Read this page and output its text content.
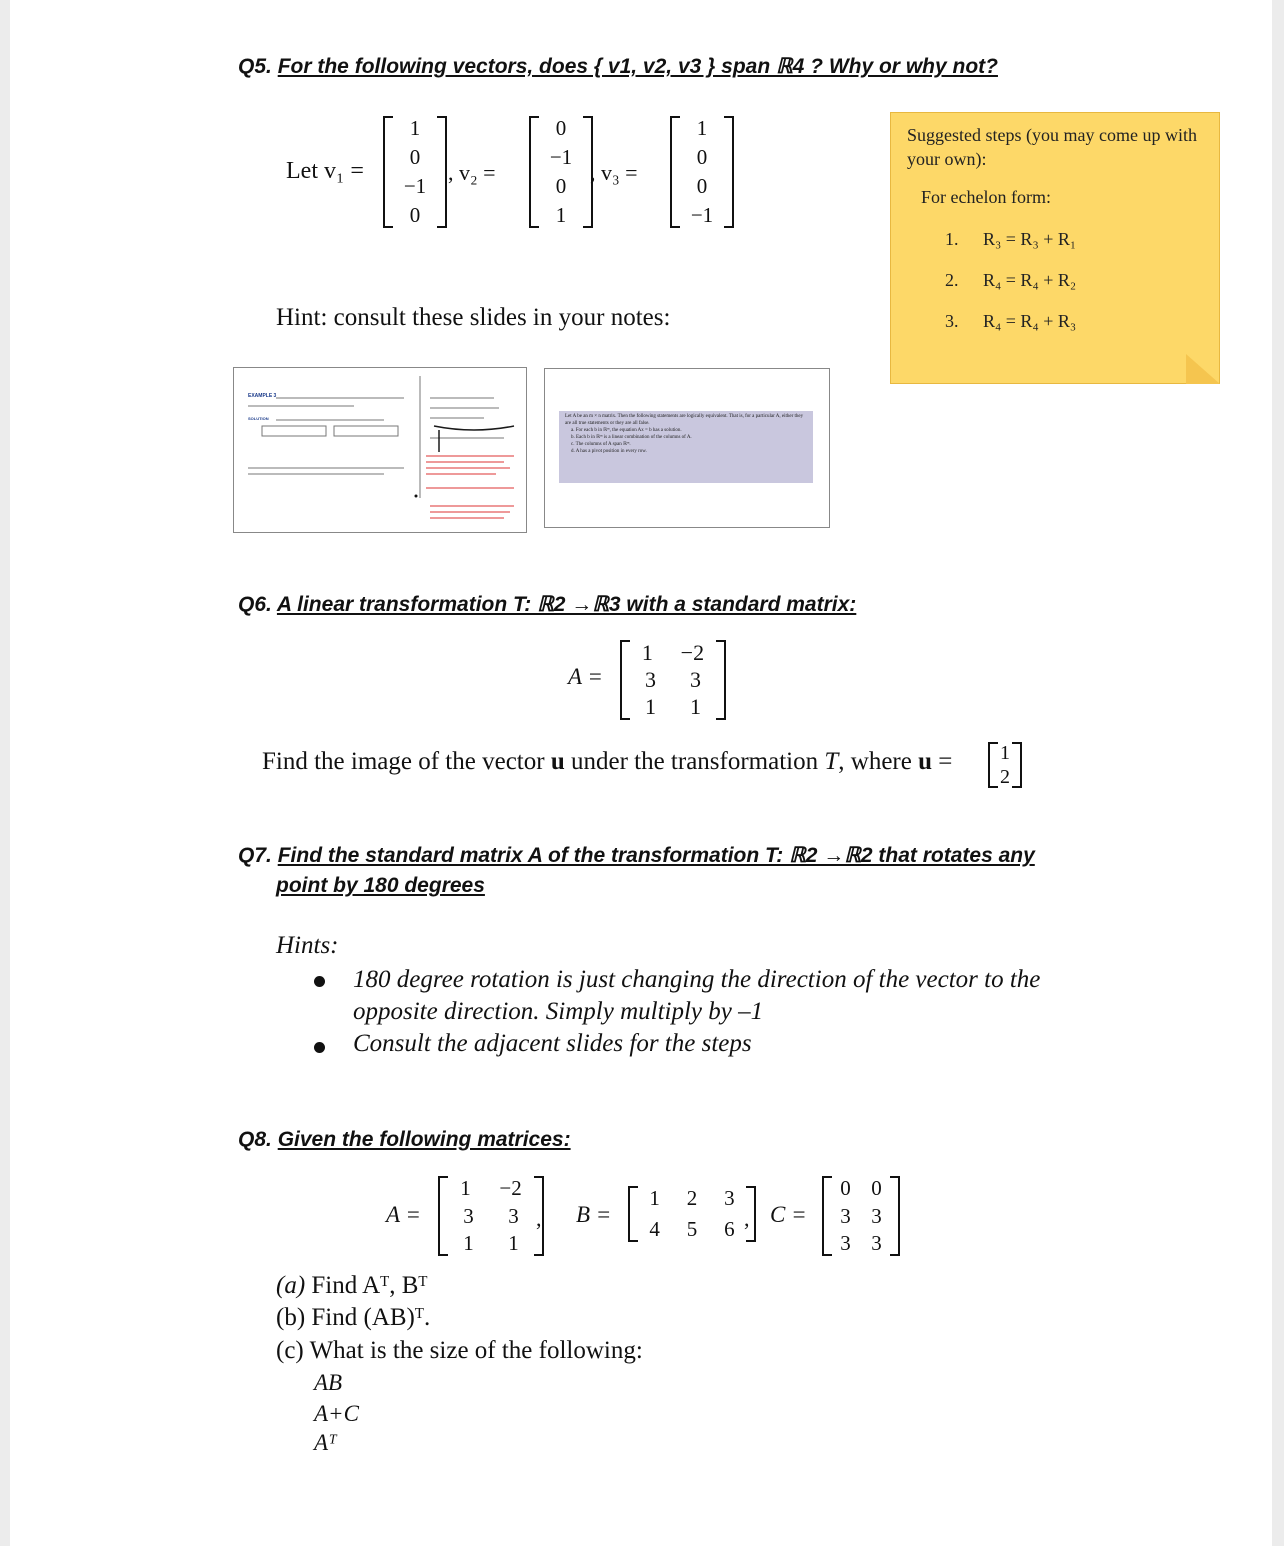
Q5. For the following vectors, does { v1, v2, v3 } span ℝ4 ? Why or why not?
Let v₁ =
1
0
−1
0
, v₂ =
0
−1
0
1
, v₃ =
1
0
0
−1
Hint: consult these slides in your notes:
Suggested steps (you may come up with your own):
For echelon form:
1. R₃ = R₃ + R₁
2. R₄ = R₄ + R₂
3. R₄ = R₄ + R₃
EXAMPLE 3
SOLUTION	Let A be an m × n matrix. Then the following statements are logically equivalent. That is, for a particular A, either they are all true statements or they are all false.
a. For each b in ℝᵐ, the equation Ax = b has a solution.
b. Each b in ℝᵐ is a linear combination of the columns of A.
c. The columns of A span ℝᵐ.
d. A has a pivot position in every row.
Q6. A linear transformation T: ℝ2 →ℝ3 with a standard matrix:
A =
1 −2
3 3
1 1
Find the image of the vector u under the transformation T, where u =	1
2
Q7. Find the standard matrix A of the transformation T: ℝ2 →ℝ2 that rotates any
point by 180 degrees
Hints:
180 degree rotation is just changing the direction of the vector to the opposite direction. Simply multiply by –1
Consult the adjacent slides for the steps
Q8. Given the following matrices:
A =
1 −2
3 3
1 1
, B =
1 2 3
4 5 6 , C =
0 0
3 3
3 3
(a) Find Aᵀ, Bᵀ
(b) Find (AB)ᵀ.
(c) What is the size of the following:
AB
A+C
Aᵀ
